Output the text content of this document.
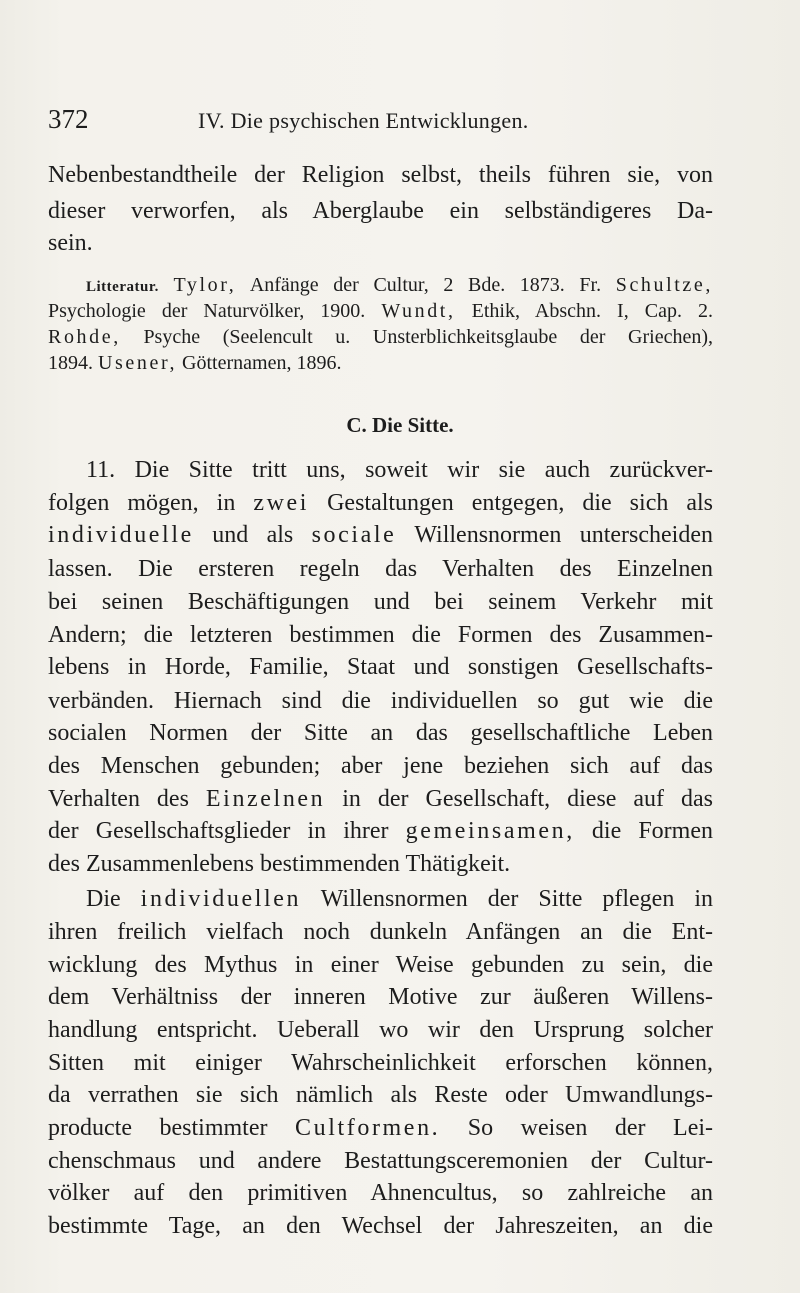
372	IV. Die psychischen Entwicklungen.
Nebenbestandtheile der Religion selbst, theils führen sie, von
dieser verworfen, als Aberglaube ein selbständigeres Da-
sein.
Litteratur. Tylor, Anfänge der Cultur, 2 Bde. 1873. Fr. Schultze,
Psychologie der Naturvölker, 1900. Wundt, Ethik, Abschn. I, Cap. 2.
Rohde, Psyche (Seelencult u. Unsterblichkeitsglaube der Griechen),
1894. Usener, Götternamen, 1896.
C. Die Sitte.
11. Die Sitte tritt uns, soweit wir sie auch zurückver-
folgen mögen, in zwei Gestaltungen entgegen, die sich als
individuelle und als sociale Willensnormen unterscheiden
lassen. Die ersteren regeln das Verhalten des Einzelnen
bei seinen Beschäftigungen und bei seinem Verkehr mit
Andern; die letzteren bestimmen die Formen des Zusammen-
lebens in Horde, Familie, Staat und sonstigen Gesellschafts-
verbänden. Hiernach sind die individuellen so gut wie die
socialen Normen der Sitte an das gesellschaftliche Leben
des Menschen gebunden; aber jene beziehen sich auf das
Verhalten des Einzelnen in der Gesellschaft, diese auf das
der Gesellschaftsglieder in ihrer gemeinsamen, die Formen
des Zusammenlebens bestimmenden Thätigkeit.
Die individuellen Willensnormen der Sitte pflegen in
ihren freilich vielfach noch dunkeln Anfängen an die Ent-
wicklung des Mythus in einer Weise gebunden zu sein, die
dem Verhältniss der inneren Motive zur äußeren Willens-
handlung entspricht. Ueberall wo wir den Ursprung solcher
Sitten mit einiger Wahrscheinlichkeit erforschen können,
da verrathen sie sich nämlich als Reste oder Umwandlungs-
producte bestimmter Cultformen. So weisen der Lei-
chenschmaus und andere Bestattungsceremonien der Cultur-
völker auf den primitiven Ahnencultus, so zahlreiche an
bestimmte Tage, an den Wechsel der Jahreszeiten, an die
